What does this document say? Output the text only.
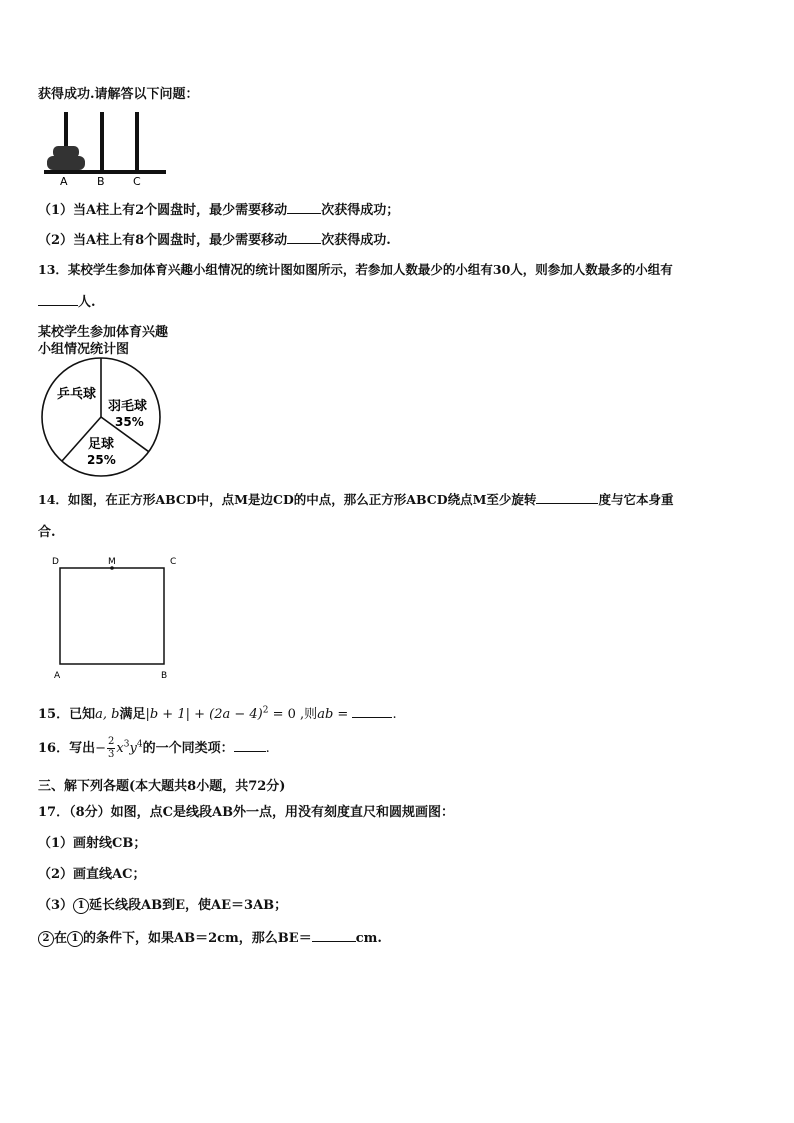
获得成功.请解答以下问题：
A	B	C
（1）当A柱上有2个圆盘时，最少需要移动	次获得成功；
（2）当A柱上有8个圆盘时，最少需要移动	次获得成功.
13．某校学生参加体育兴趣小组情况的统计图如图所示，若参加人数最少的小组有30人，则参加人数最多的小组有
人.
某校学生参加体育兴趣
小组情况统计图
乒乓球
羽毛球
35%
足球
25%
14．如图，在正方形ABCD中，点M是边CD的中点，那么正方形ABCD绕点M至少旋转	度与它本身重
合.
D	M	C
A	B
15．已知a, b满足$|b + 1| + (2a - 4)^2 = 0$ ,则ab =	.
16．写出− $\frac{2}{3} x^3y^4$的一个同类项： .
三、解下列各题(本大题共8小题，共72分)
17．（8分）如图，点C是线段AB外一点，用没有刻度直尺和圆规画图：
（1）画射线CB；
（2）画直线AC；
（3） 1 延长线段AB到E，使AE＝3AB；
2 在 1 的条件下，如果AB＝2cm，那么BE＝	cm.
